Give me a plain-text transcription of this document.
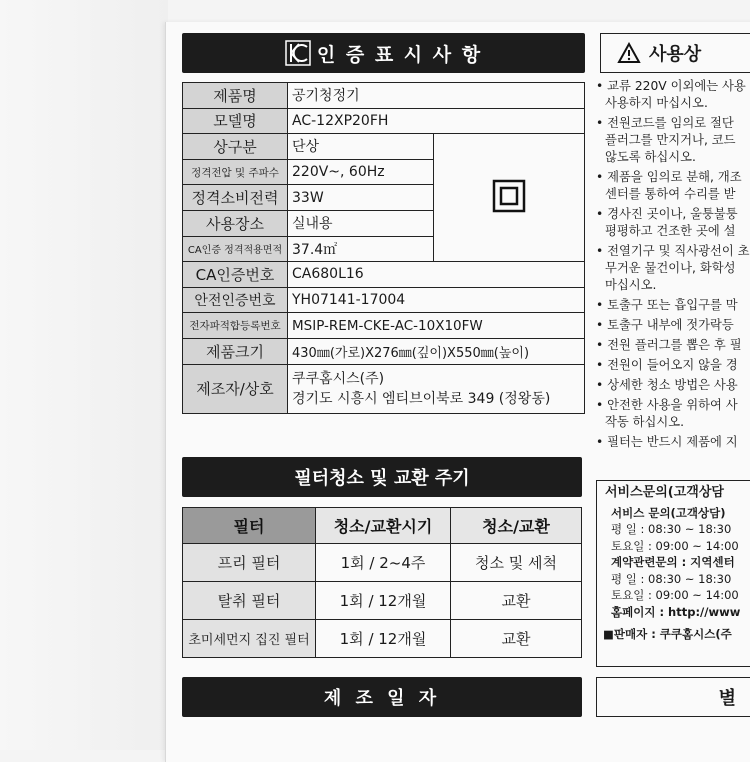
인 증 표 시 사 항
제품명	공기청정기	
모델명	AC-12XP20FH	
상구분	단상	
정격전압 및 주파수	220V~, 60Hz	
정격소비전력	33W	
사용장소	실내용	
CA인증 정격적용면적	37.4㎡	
CA인증번호	CA680L16	
안전인증번호	YH07141-17004	
전자파적합등록번호	MSIP-REM-CKE-AC-10X10FW	
제품크기	430㎜(가로)X276㎜(깊이)X550㎜(높이)	
제조자/상호	쿠쿠홈시스(주)
경기도 시흥시 엠티브이북로 349 (정왕동)	
필터청소 및 교환 주기
필터	청소/교환시기	청소/교환
프리 필터	1회 / 2~4주	청소 및 세척
탈취 필터	1회 / 12개월	교환
초미세먼지 집진 필터	1회 / 12개월	교환
제 조 일 자
사용상
• 교류 220V 이외에는 사용
사용하지 마십시오.
• 전원코드를 임의로 절단
플러그를 만지거나, 코드
않도록 하십시오.
• 제품을 임의로 분해, 개조
센터를 통하여 수리를 받
• 경사진 곳이나, 울퉁불퉁
평평하고 건조한 곳에 설
• 전열기구 및 직사광선이 초
무거운 물건이나, 화학성
마십시오.
• 토출구 또는 흡입구를 막
• 토출구 내부에 젓가락등
• 전원 플러그를 뽑은 후 필
• 전원이 들어오지 않을 경
• 상세한 청소 방법은 사용
• 안전한 사용을 위하여 사
작동 하십시오.
• 필터는 반드시 제품에 지
서비스문의(고객상담
서비스 문의(고객상담)
평 일 : 08:30 ~ 18:30
토요일 : 09:00 ~ 14:00
계약관련문의 : 지역센터
평 일 : 08:30 ~ 18:30
토요일 : 09:00 ~ 14:00
홈페이지 : http://www
■판매자 : 쿠쿠홈시스(주
별
